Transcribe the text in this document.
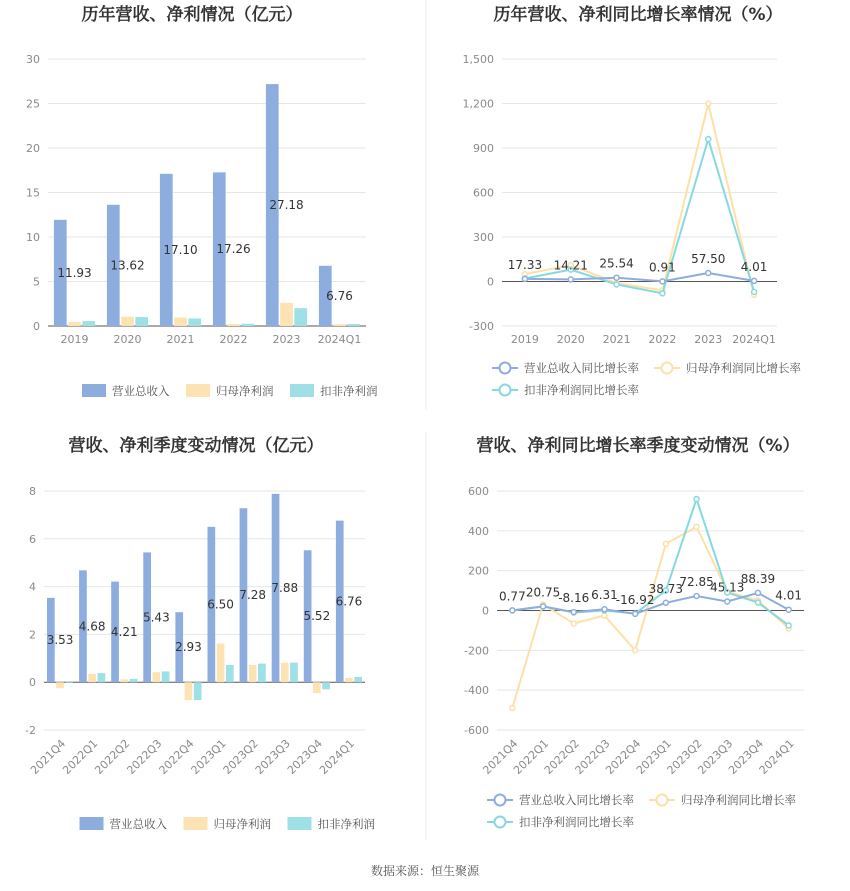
历年营收、净利情况（亿元）
0
5
10
15
20
25
30
2019 2020 2021 2022 2023 2024Q1
11.93
13.62
17.10 17.26
27.18
6.76
营业总收入	归母净利润	扣非净利润
历年营收、净利同比增长率情况（%）
-300
0
300
600
900
1,200
1,500
2019 2020 2021 2022 2023 2024Q1
17.33 14.21 25.54 0.91
57.50
4.01
营业总收入同比增长率	归母净利润同比增长率
扣非净利润同比增长率
营收、净利季度变动情况（亿元）
-2
0
2
4
6
8
2021Q4
2022Q1
2022Q2
2022Q3
2022Q4
2023Q1
2023Q2
2023Q3
2023Q4
2024Q1
3.53
4.68 4.21
5.43
2.93
6.50
7.28
7.88
5.52
6.76
营业总收入	归母净利润	扣非净利润
营收、净利同比增长率季度变动情况（%）
-600
-400
-200
0
200
400
600
2021Q4
2022Q1
2022Q2
2022Q3
2022Q4
2023Q1
2023Q2
2023Q3
2023Q4
2024Q1
0.77 20.75
-8.16 6.31
-16.92
38.73
72.85
45.13
88.39
4.01
营业总收入同比增长率	归母净利润同比增长率
扣非净利润同比增长率
数据来源：恒生聚源
